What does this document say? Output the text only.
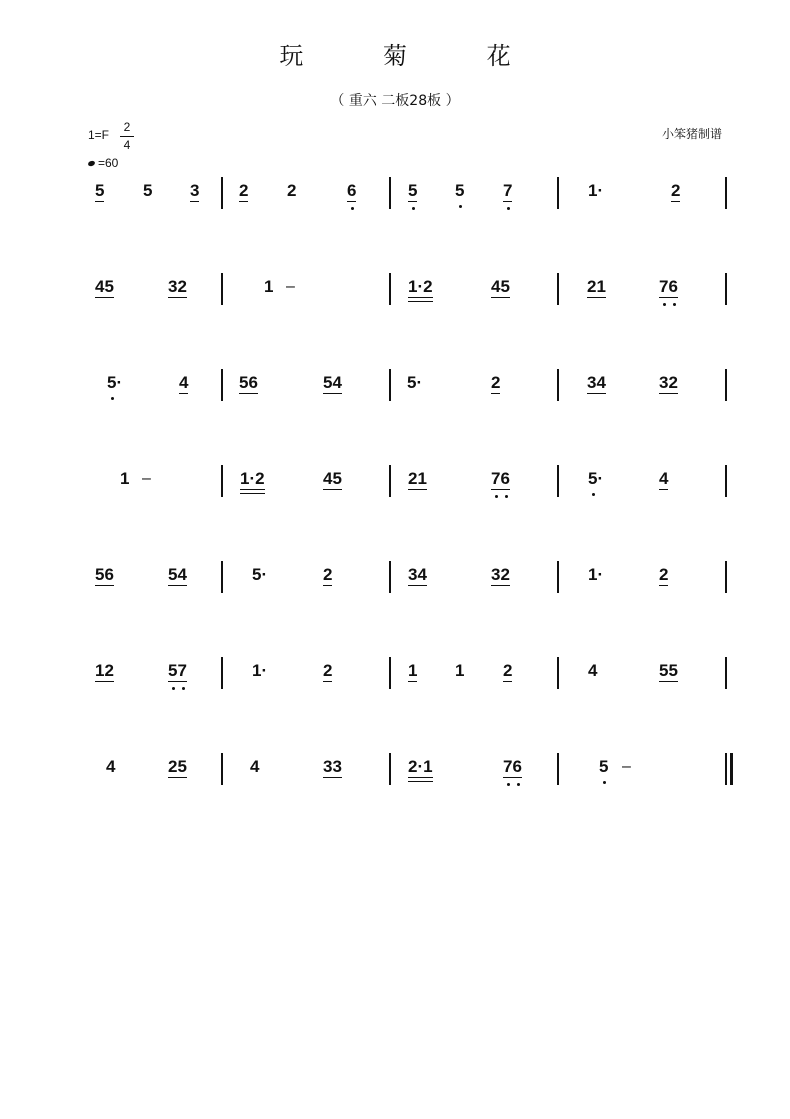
玩 菊 花
（ 重六 二板28板 ）
1=F
2
4
=60
小笨猪制谱
5 5 3 2 2	6	5 5 7	1·	2
45	32	1 –	1·2	45	21	76
5·	4	56	54	5·	2	34	32
1 –	1·2	45	21	76	5·	4
56	54	5·	2	34	32	1·	2
12	57	1·	2	1 1 2	4	55
4	25	4	33	2·1	76	5 –
